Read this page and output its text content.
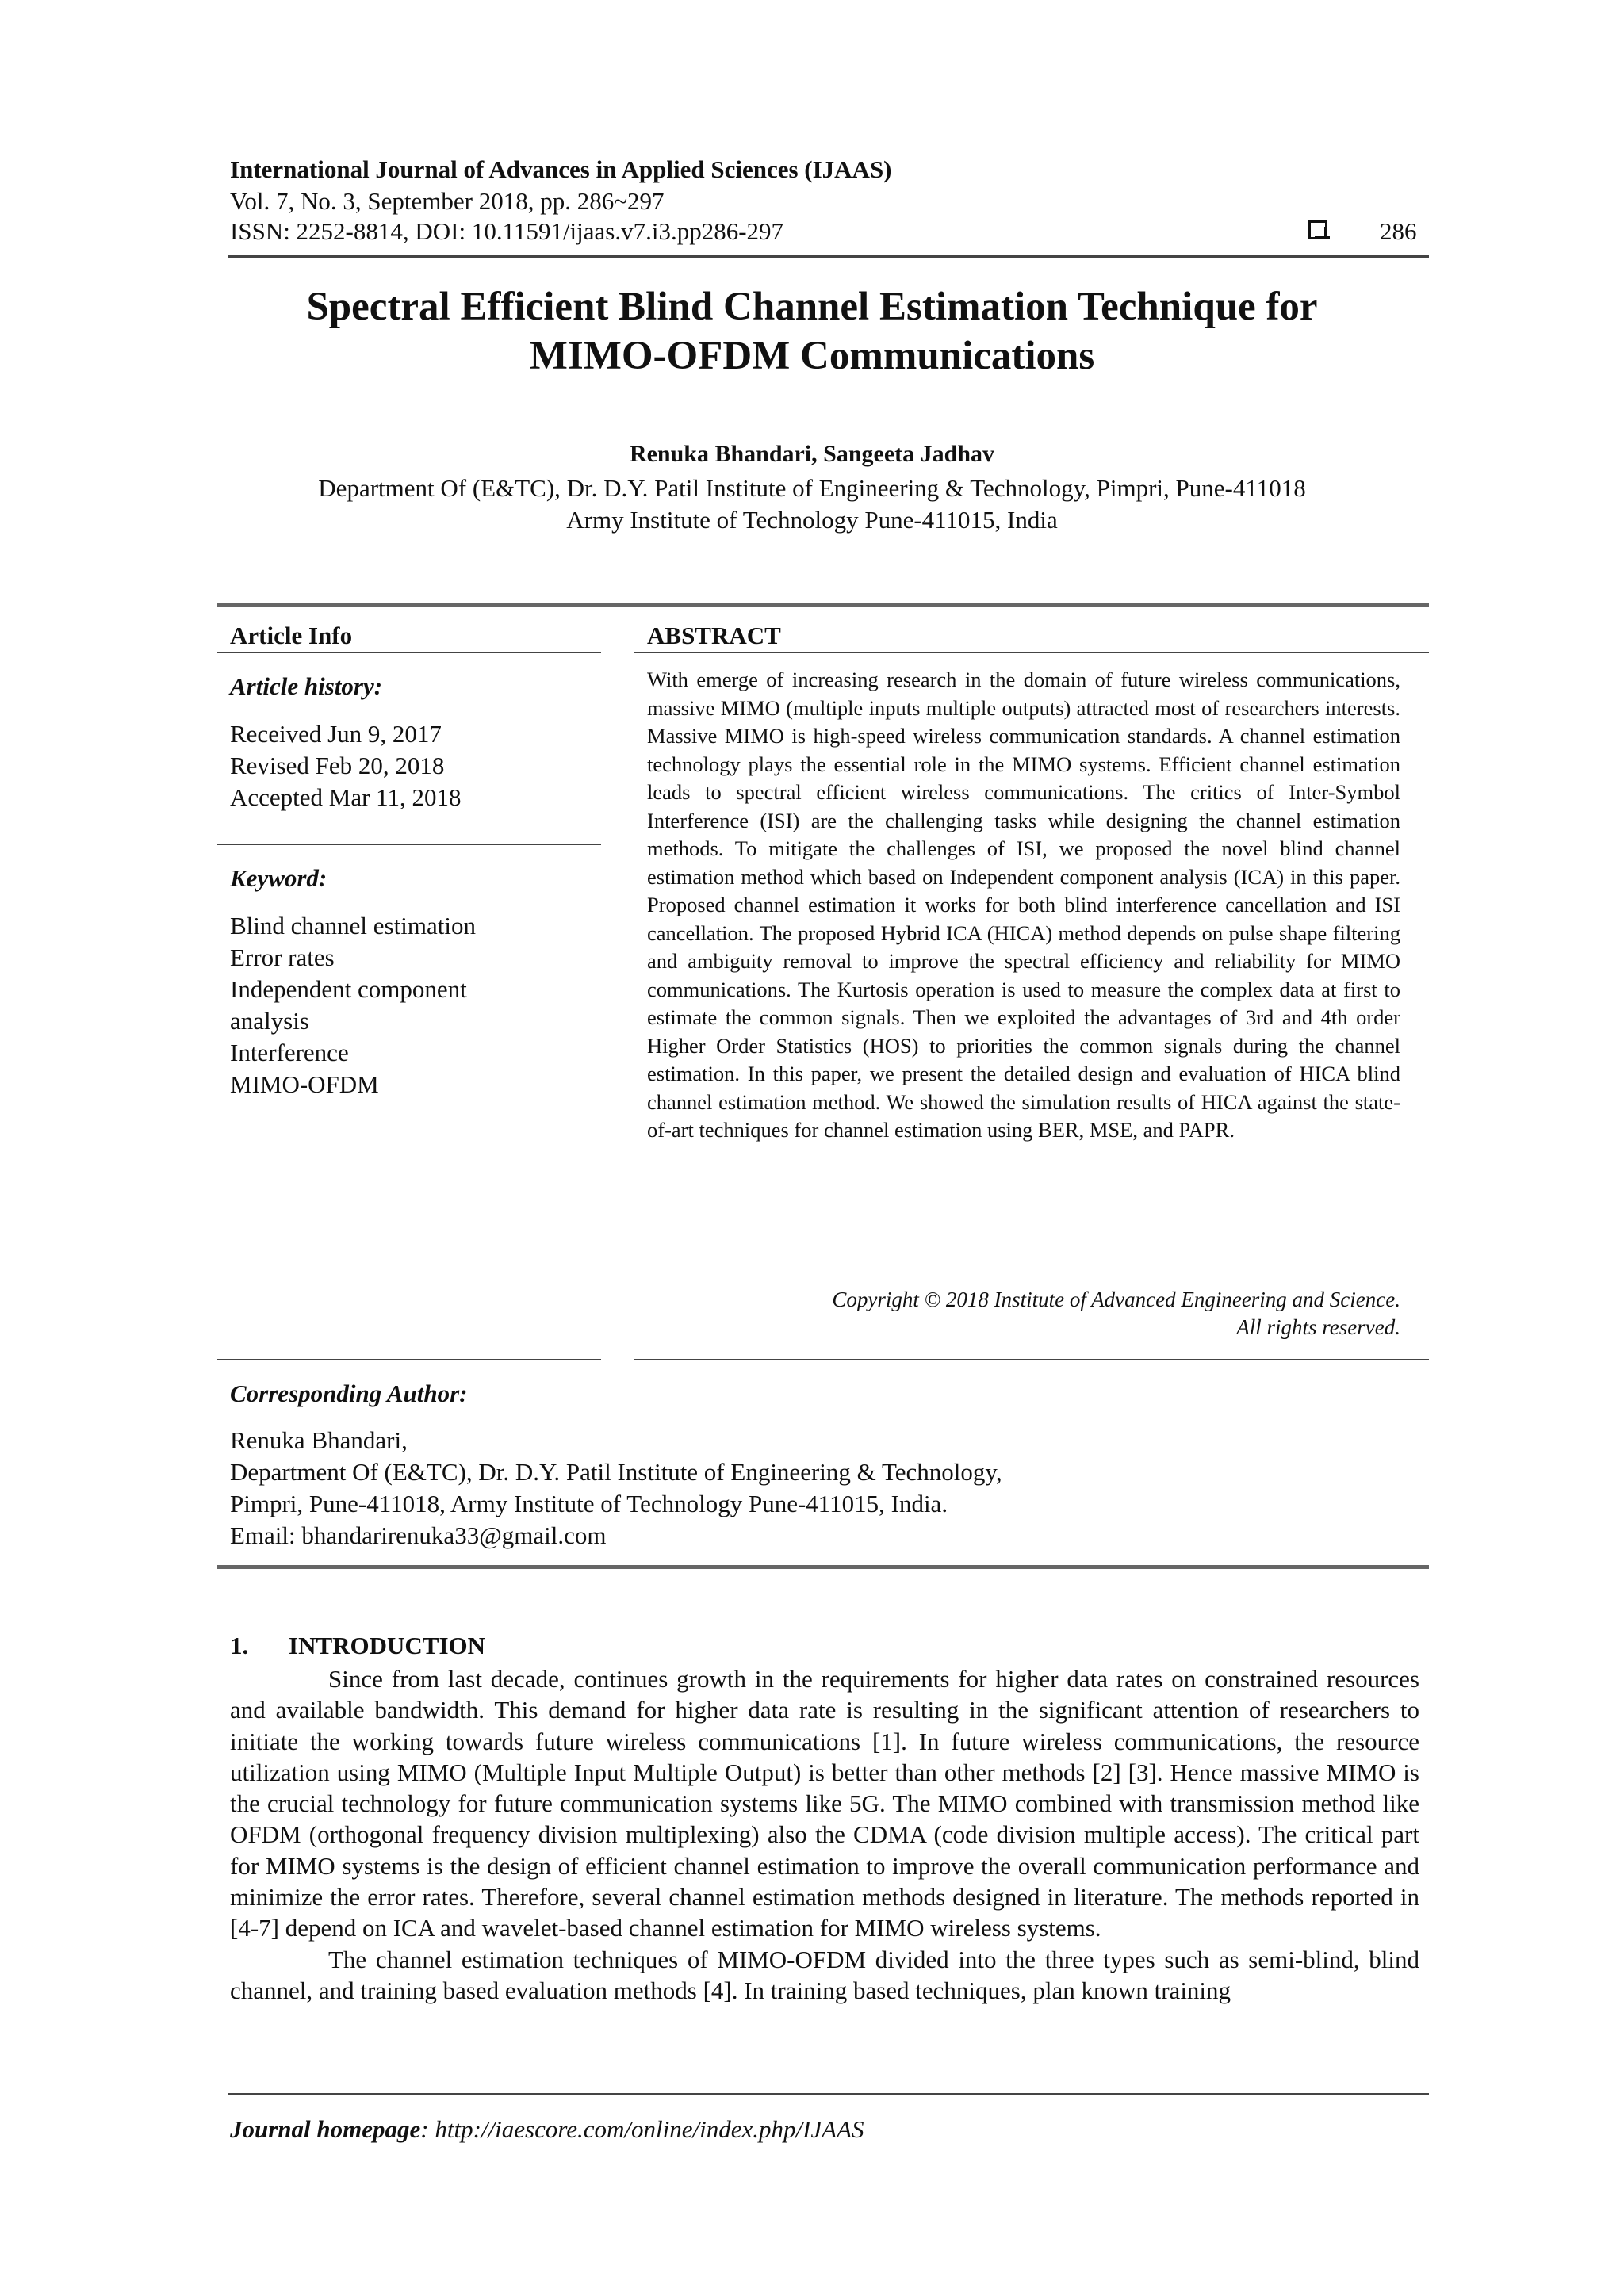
International Journal of Advances in Applied Sciences (IJAAS)
Vol. 7, No. 3, September 2018, pp. 286~297
ISSN: 2252-8814, DOI: 10.11591/ijaas.v7.i3.pp286-297	286
Spectral Efficient Blind Channel Estimation Technique for
MIMO-OFDM Communications
Renuka Bhandari, Sangeeta Jadhav
Department Of (E&TC), Dr. D.Y. Patil Institute of Engineering & Technology, Pimpri, Pune-411018
Army Institute of Technology Pune-411015, India
Article Info
Article history:
Received Jun 9, 2017
Revised Feb 20, 2018
Accepted Mar 11, 2018
Keyword:
Blind channel estimation
Error rates
Independent component
analysis
Interference
MIMO-OFDM
ABSTRACT
With emerge of increasing research in the domain of future wireless communications, massive MIMO (multiple inputs multiple outputs) attracted most of researchers interests. Massive MIMO is high-speed wireless communication standards. A channel estimation technology plays the essential role in the MIMO systems. Efficient channel estimation leads to spectral efficient wireless communications. The critics of Inter-Symbol Interference (ISI) are the challenging tasks while designing the channel estimation methods. To mitigate the challenges of ISI, we proposed the novel blind channel estimation method which based on Independent component analysis (ICA) in this paper. Proposed channel estimation it works for both blind interference cancellation and ISI cancellation. The proposed Hybrid ICA (HICA) method depends on pulse shape filtering and ambiguity removal to improve the spectral efficiency and reliability for MIMO communications. The Kurtosis operation is used to measure the complex data at first to estimate the common signals. Then we exploited the advantages of 3rd and 4th order Higher Order Statistics (HOS) to priorities the common signals during the channel estimation. In this paper, we present the detailed design and evaluation of HICA blind channel estimation method. We showed the simulation results of HICA against the state-of-art techniques for channel estimation using BER, MSE, and PAPR.
Copyright © 2018 Institute of Advanced Engineering and Science.
All rights reserved.
Corresponding Author:
Renuka Bhandari,
Department Of (E&TC), Dr. D.Y. Patil Institute of Engineering & Technology,
Pimpri, Pune-411018, Army Institute of Technology Pune-411015, India.
Email: bhandarirenuka33@gmail.com
1. INTRODUCTION

Since from last decade, continues growth in the requirements for higher data rates on constrained resources and available bandwidth. This demand for higher data rate is resulting in the significant attention of researchers to initiate the working towards future wireless communications [1]. In future wireless communications, the resource utilization using MIMO (Multiple Input Multiple Output) is better than other methods [2] [3]. Hence massive MIMO is the crucial technology for future communication systems like 5G. The MIMO combined with transmission method like OFDM (orthogonal frequency division multiplexing) also the CDMA (code division multiple access). The critical part for MIMO systems is the design of efficient channel estimation to improve the overall communication performance and minimize the error rates. Therefore, several channel estimation methods designed in literature. The methods reported in [4-7] depend on ICA and wavelet-based channel estimation for MIMO wireless systems.

The channel estimation techniques of MIMO-OFDM divided into the three types such as semi-blind, blind channel, and training based evaluation methods [4]. In training based techniques, plan known training

Journal homepage: http://iaescore.com/online/index.php/IJAAS
